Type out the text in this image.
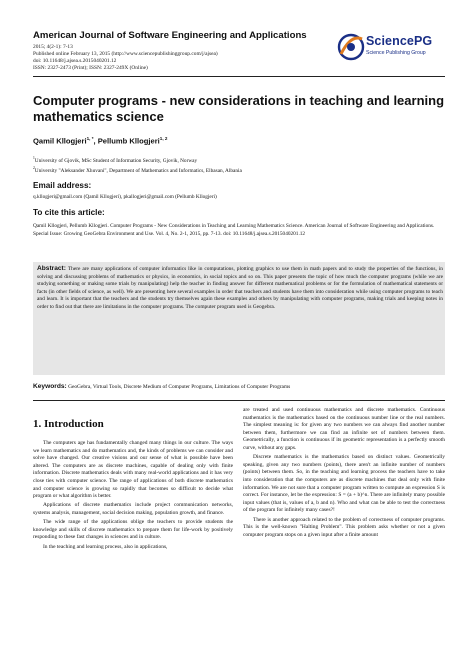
American Journal of Software Engineering and Applications
2015; 4(2-1): 7-13
Published online February 13, 2015 (http://www.sciencepublishinggroup.com/j/ajsea)
doi: 10.11648/j.ajsea.s.2015040201.12
ISSN: 2327-2473 (Print); ISSN: 2327-249X (Online)
SciencePG
Science Publishing Group
Computer programs - new considerations in teaching and learning mathematics science
Qamil Kllogjeri$^{1, *}$, Pellumb Kllogjeri$^{1, 2}$
$^1$University of Gjovik, MSc Student of Information Security, Gjovik, Norway
$^2$University "Aleksander Xhuvani", Department of Mathematics and Informatics, Elbasan, Albania
Email address:
q.kllogjeri@gmail.com (Qamil Kllogjeri), pkallogjeri@gmail.com (Pellumb Kllogjeri)
To cite this article:
Qamil Kllogjeri, Pellumb Kllogjeri. Computer Programs - New Considerations in Teaching and Learning Mathematics Science. American Journal of Software Engineering and Applications. Special Issue: Growing GeoGebra Environment and Use. Vol. 4, No. 2-1, 2015, pp. 7-13. doi: 10.11648/j.ajsea.s.2015040201.12
Abstract: There are many applications of computer informatics like in computations, plotting graphics to use them in math papers and to study the properties of the functions, in solving and discussing problems of mathematics or physics, in economics, in social topics and so on. This paper presents the topic of how much the computer programs (while we are studying something or making some trials by manipulating) help the teacher in finding answer for different mathematical problems or for the formulation of mathematical statements or facts (in other fields of science, as well). We are presenting here several examples in order that teachers and students have them into consideration while using computer programs to teach and learn. It is important that the teachers and the students try themselves again these examples and others by manipulating with computer programs, making trials and keeping notes in order to find out that there are limitations in the computer programs. The computer program used is Geogebra.
Keywords: GeoGebra, Virtual Tools, Discrete Medium of Computer Programs, Limitations of Computer Programs
1. Introduction

The computers age has fundamentally changed many things in our culture. The ways we learn mathematics and do mathematics and, the kinds of problems we can consider and solve have changed. Our creative visions and our sense of what is possible have been altered. The computers are as discrete machines, capable of dealing only with finite information. Discrete mathematics deals with many real-world applications and it has very close ties with computer science. The range of applications of both discrete mathematics and computer science is growing so rapidly that becomes so difficult to decide what program or what algorithm is better.

Applications of discrete mathematics include project communication networks, systems analysis, management, social decision making, population growth, and finance.

The wide range of the applications oblige the teachers to provide students the knowledge and skills of discrete mathematics to prepare them for life-work by positively responding to these fast changes in sciences and in culture.

In the teaching and learning process, also in applications,

are treated and used continuous mathematics and discrete mathematics. Continuous mathematics is the mathematics based on the continuous number line or the real numbers. The simplest meaning is: for given any two numbers we can always find another number between them, furthermore we can find an infinite set of numbers between them. Geometrically, a function is continuous if its geometric representation is a perfectly smooth curve, without any gaps.

Discrete mathematics is the mathematics based on distinct values. Geometrically speaking, given any two numbers (points), there aren't an infinite number of numbers (points) between them. So, in the teaching and learning process the teachers have to take into consideration that the computers are as discrete machines that deal only with finite information. We are not sure that a computer program written to compute an expression S is correct. For instance, let be the expression: S = (a + b)^n. There are infinitely many possible input values (that is, values of a, b and n). Who and what can be able to test the correctness of the program for infinitely many cases?!

There is another approach related to the problem of correctness of computer programs. This is the well-known "Halting Problem". This problem asks whether or not a given computer program stops on a given input after a finite amount
